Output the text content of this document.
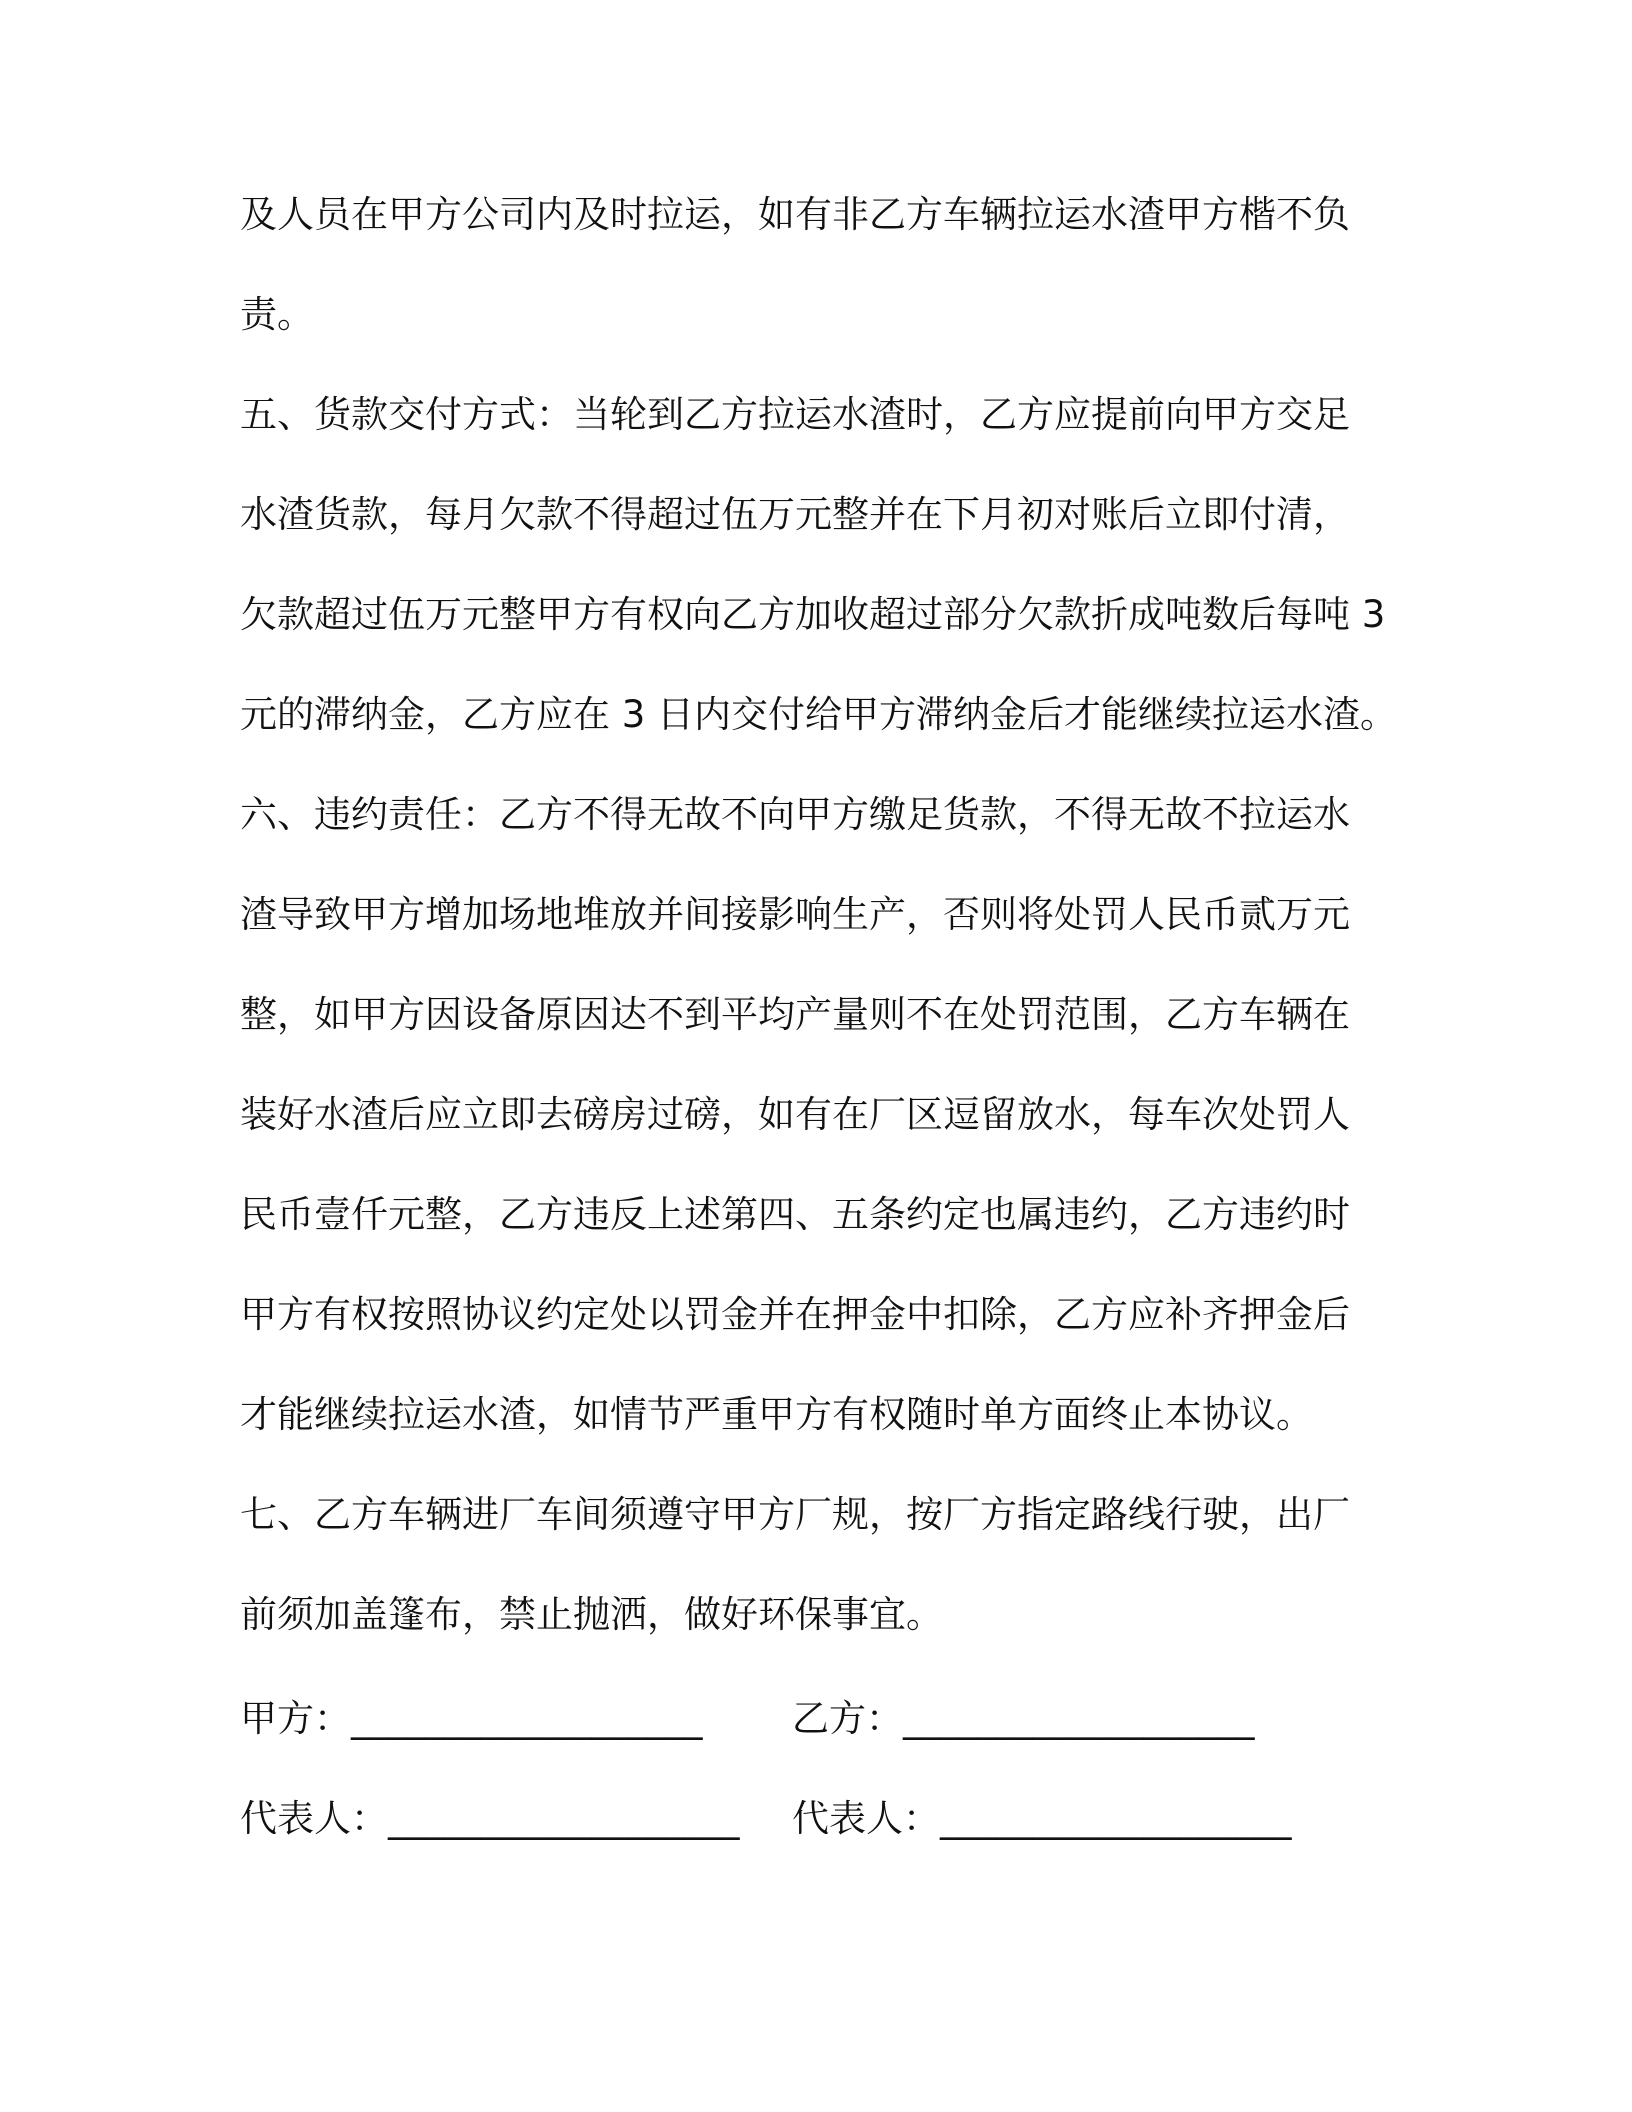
及人员在甲方公司内及时拉运，如有非乙方车辆拉运水渣甲方楷不负
责。
五、货款交付方式：当轮到乙方拉运水渣时，乙方应提前向甲方交足
水渣货款，每月欠款不得超过伍万元整并在下月初对账后立即付清，
欠款超过伍万元整甲方有权向乙方加收超过部分欠款折成吨数后每吨 3
元的滞纳金，乙方应在 3 日内交付给甲方滞纳金后才能继续拉运水渣。
六、违约责任：乙方不得无故不向甲方缴足货款，不得无故不拉运水
渣导致甲方增加场地堆放并间接影响生产，否则将处罚人民币贰万元
整，如甲方因设备原因达不到平均产量则不在处罚范围，乙方车辆在
装好水渣后应立即去磅房过磅，如有在厂区逗留放水，每车次处罚人
民币壹仟元整，乙方违反上述第四、五条约定也属违约，乙方违约时
甲方有权按照协议约定处以罚金并在押金中扣除，乙方应补齐押金后
才能继续拉运水渣，如情节严重甲方有权随时单方面终止本协议。
七、乙方车辆进厂车间须遵守甲方厂规，按厂方指定路线行驶，出厂
前须加盖篷布，禁止抛洒，做好环保事宜。
甲方：___________________ 乙方：___________________
代表人：___________________ 代表人：___________________
